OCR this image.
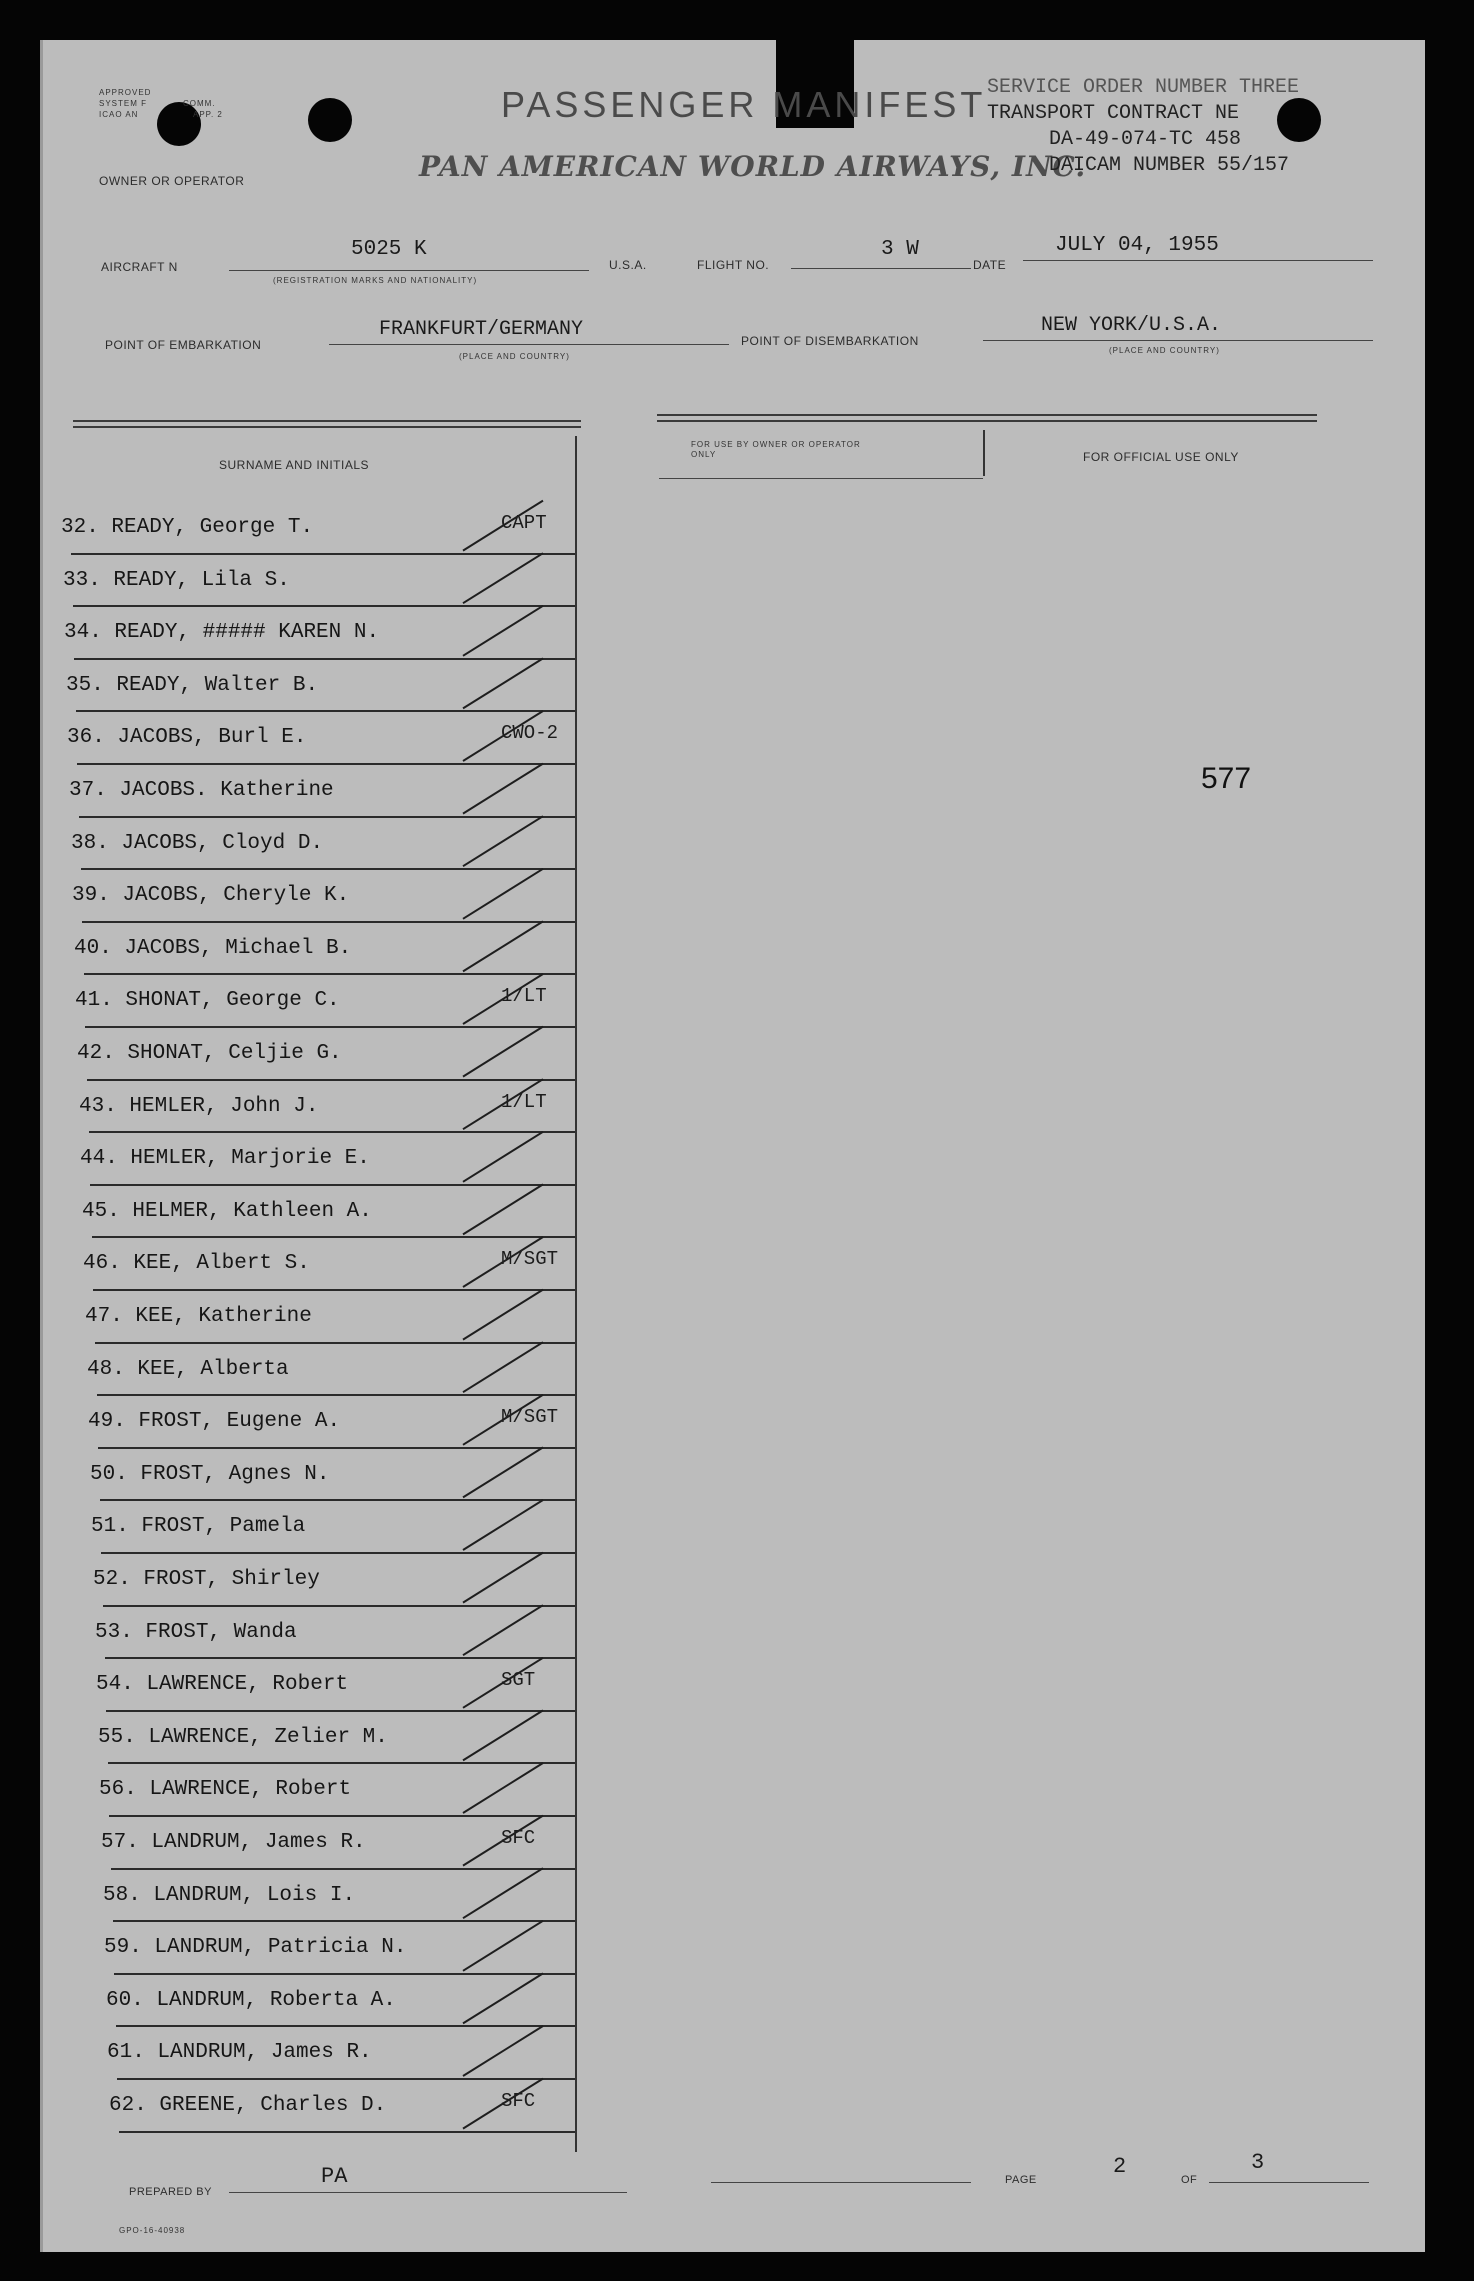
APPROVED
SYSTEM F	COMM.
ICAO AN	APP. 2	PASSENGER MANIFEST
PAN AMERICAN WORLD AIRWAYS, INC.
OWNER OR OPERATOR
SERVICE ORDER NUMBER THREE
TRANSPORT CONTRACT NE
DA-49-074-TC 458
DAICAM NUMBER 55/157
AIRCRAFT N
5025 K
(REGISTRATION MARKS AND NATIONALITY)
U.S.A.	FLIGHT NO.
3 W
DATE
JULY 04, 1955
POINT OF EMBARKATION
FRANKFURT/GERMANY
(PLACE AND COUNTRY)
POINT OF DISEMBARKATION
NEW YORK/U.S.A.
(PLACE AND COUNTRY)
SURNAME AND INITIALS
FOR USE BY OWNER OR OPERATOR ONLY	FOR OFFICIAL USE ONLY
32. READY, George T.	CAPT
33. READY, Lila S.
34. READY, ##### KAREN N.
35. READY, Walter B.
36. JACOBS, Burl E.	CWO-2
37. JACOBS. Katherine
38. JACOBS, Cloyd D.
39. JACOBS, Cheryle K.
40. JACOBS, Michael B.
41. SHONAT, George C.	1/LT
42. SHONAT, Celjie G.
43. HEMLER, John J.	1/LT
44. HEMLER, Marjorie E.
45. HELMER, Kathleen A.
46. KEE, Albert S.	M/SGT
47. KEE, Katherine
48. KEE, Alberta
49. FROST, Eugene A.	M/SGT
50. FROST, Agnes N.
51. FROST, Pamela
52. FROST, Shirley
53. FROST, Wanda
54. LAWRENCE, Robert	SGT
55. LAWRENCE, Zelier M.
56. LAWRENCE, Robert
57. LANDRUM, James R.	SFC
58. LANDRUM, Lois I.
59. LANDRUM, Patricia N.
60. LANDRUM, Roberta A.
61. LANDRUM, James R.
62. GREENE, Charles D.	SFC
577
PREPARED BY
PA	PAGE
2
OF
3
GPO-16-40938
